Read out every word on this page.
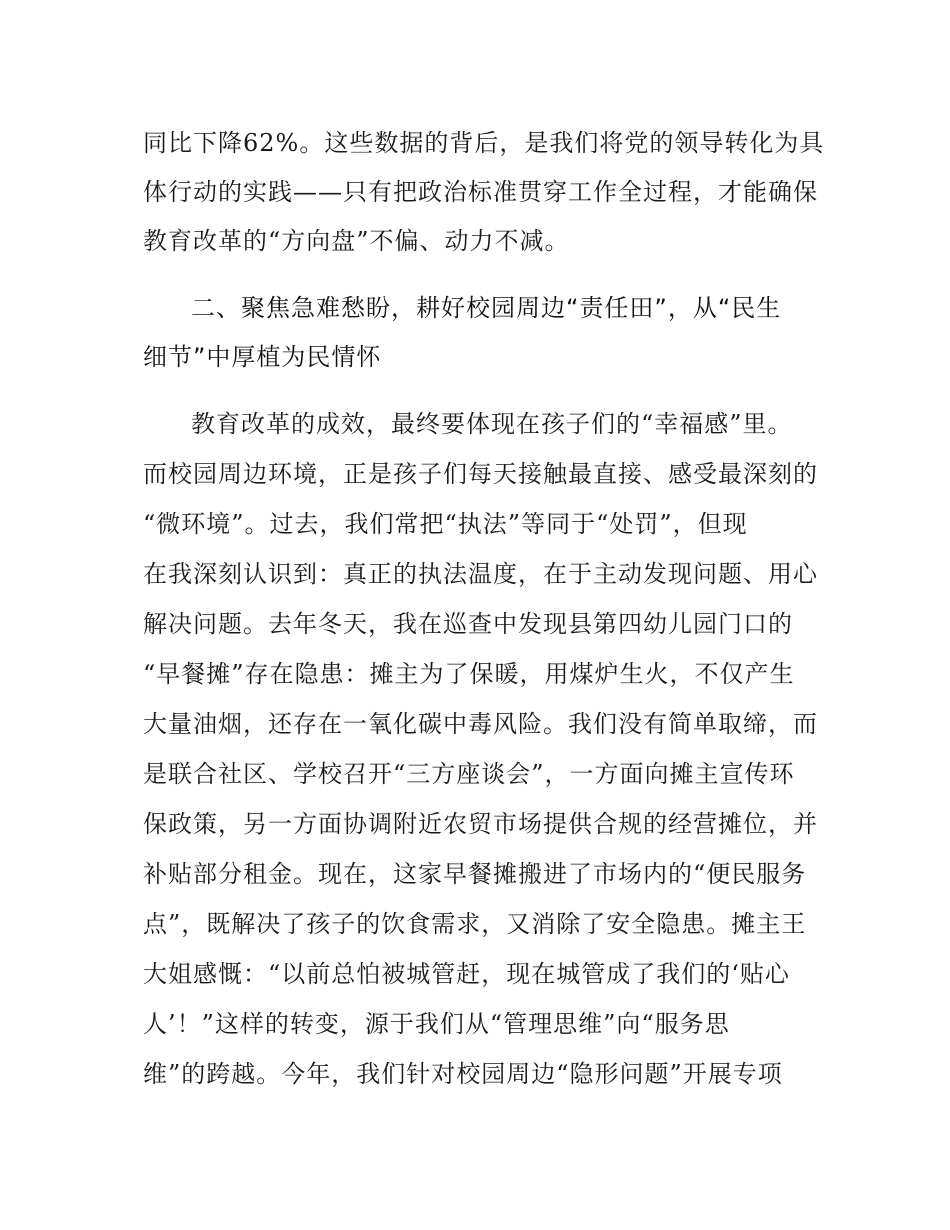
同比下降62%。这些数据的背后，是我们将党的领导转化为具
体行动的实践——只有把政治标准贯穿工作全过程，才能确保
教育改革的“方向盘”不偏、动力不减。
二、聚焦急难愁盼，耕好校园周边“责任田”，从“民生
细节”中厚植为民情怀
教育改革的成效，最终要体现在孩子们的“幸福感”里。
而校园周边环境，正是孩子们每天接触最直接、感受最深刻的
“微环境”。过去，我们常把“执法”等同于“处罚”，但现
在我深刻认识到：真正的执法温度，在于主动发现问题、用心
解决问题。去年冬天，我在巡查中发现县第四幼儿园门口的
“早餐摊”存在隐患：摊主为了保暖，用煤炉生火，不仅产生
大量油烟，还存在一氧化碳中毒风险。我们没有简单取缔，而
是联合社区、学校召开“三方座谈会”，一方面向摊主宣传环
保政策，另一方面协调附近农贸市场提供合规的经营摊位，并
补贴部分租金。现在，这家早餐摊搬进了市场内的“便民服务
点”，既解决了孩子的饮食需求，又消除了安全隐患。摊主王
大姐感慨：“以前总怕被城管赶，现在城管成了我们的‘贴心
人’！”这样的转变，源于我们从“管理思维”向“服务思
维”的跨越。今年，我们针对校园周边“隐形问题”开展专项
